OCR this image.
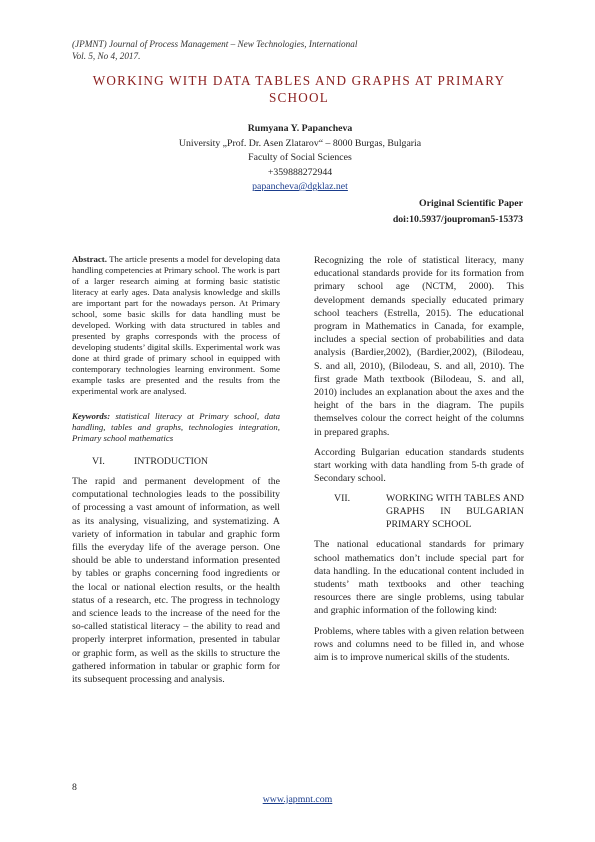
(JPMNT) Journal of Process Management – New Technologies, International
Vol. 5, No 4, 2017.
WORKING WITH DATA TABLES AND GRAPHS AT PRIMARY SCHOOL
Rumyana Y. Papancheva
University „Prof. Dr. Asen Zlatarov“ – 8000 Burgas, Bulgaria
Faculty of Social Sciences
+359888272944
papancheva@dgklaz.net
Original Scientific Paper
doi:10.5937/jouproman5-15373

Abstract. The article presents a model for developing data handling competencies at Primary school. The work is part of a larger research aiming at forming basic statistic literacy at early ages. Data analysis knowledge and skills are important part for the nowadays person. At Primary school, some basic skills for data handling must be developed. Working with data structured in tables and presented by graphs corresponds with the process of developing students’ digital skills. Experimental work was done at third grade of primary school in equipped with contemporary technologies learning environment. Some example tasks are presented and the results from the experimental work are analysed.

Keywords: statistical literacy at Primary school, data handling, tables and graphs, technologies integration, Primary school mathematics

VI.	INTRODUCTION

The rapid and permanent development of the computational technologies leads to the possibility of processing a vast amount of information, as well as its analysing, visualizing, and systematizing. A variety of information in tabular and graphic form fills the everyday life of the average person. One should be able to understand information presented by tables or graphs concerning food ingredients or the local or national election results, or the health status of a research, etc. The progress in technology and science leads to the increase of the need for the so-called statistical literacy – the ability to read and properly interpret information, presented in tabular or graphic form, as well as the skills to structure the gathered information in tabular or graphic form for its subsequent processing and analysis.

Recognizing the role of statistical literacy, many educational standards provide for its formation from primary school age (NCTM, 2000). This development demands specially educated primary school teachers (Estrella, 2015). The educational program in Mathematics in Canada, for example, includes a special section of probabilities and data analysis (Bardier,2002), (Bardier,2002), (Bilodeau, S. and all, 2010), (Bilodeau, S. and all, 2010). The first grade Math textbook (Bilodeau, S. and all, 2010) includes an explanation about the axes and the height of the bars in the diagram. The pupils themselves colour the correct height of the columns in prepared graphs.

According Bulgarian education standards students start working with data handling from 5-th grade of Secondary school.

VII.	WORKING WITH TABLES AND GRAPHS IN BULGARIAN PRIMARY SCHOOL

The national educational standards for primary school mathematics don’t include special part for data handling. In the educational content included in students’ math textbooks and other teaching resources there are single problems, using tabular and graphic information of the following kind:

Problems, where tables with a given relation between rows and columns need to be filled in, and whose aim is to improve numerical skills of the students.

8
www.japmnt.com
